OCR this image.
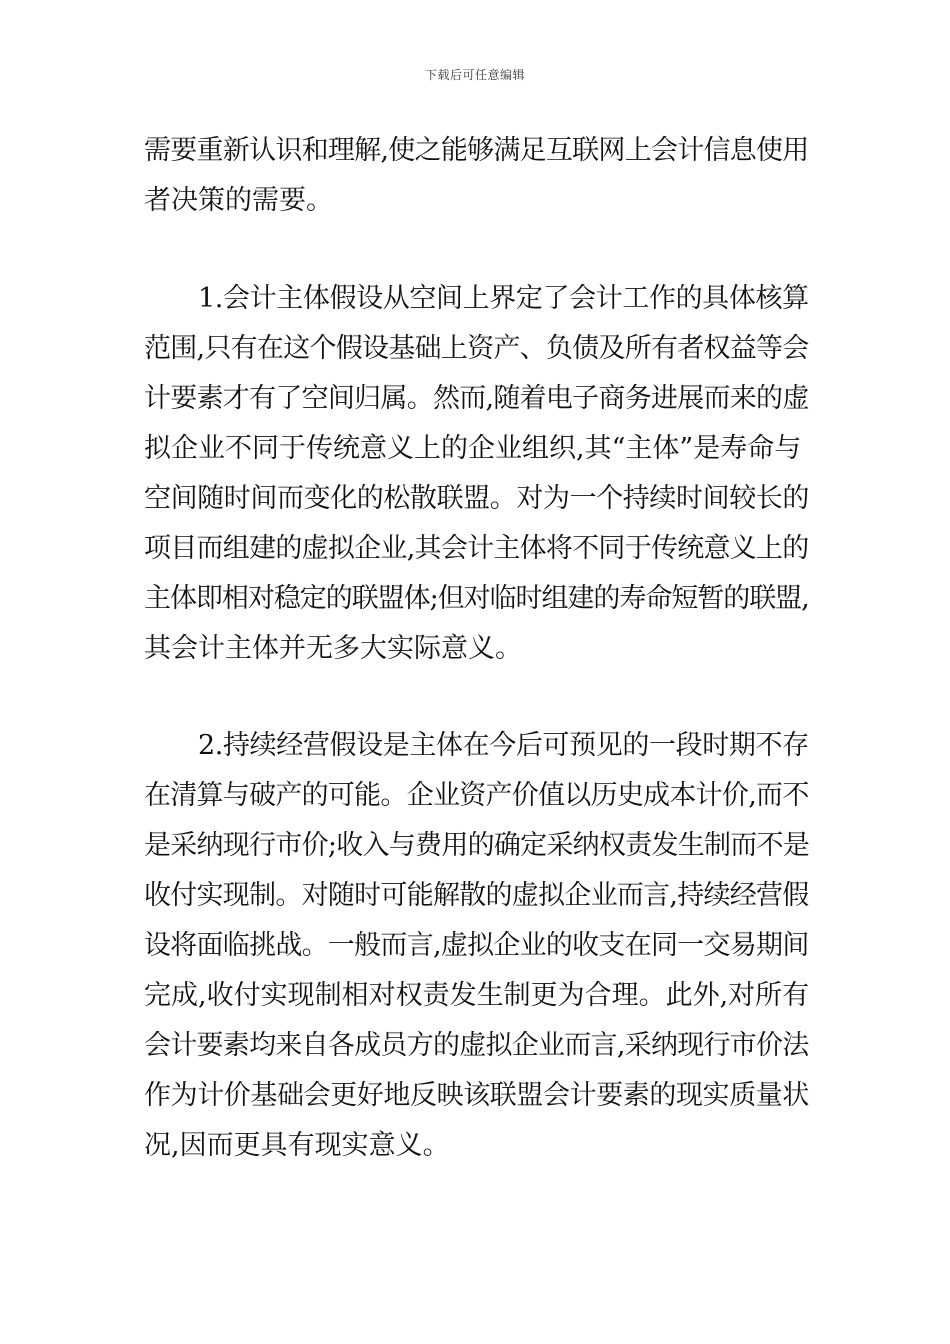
下载后可任意编辑
需要重新认识和理解,使之能够满足互联网上会计信息使用
者决策的需要。
1.会计主体假设从空间上界定了会计工作的具体核算
范围,只有在这个假设基础上资产、负债及所有者权益等会
计要素才有了空间归属。然而,随着电子商务进展而来的虚
拟企业不同于传统意义上的企业组织,其“主体”是寿命与
空间随时间而变化的松散联盟。对为一个持续时间较长的
项目而组建的虚拟企业,其会计主体将不同于传统意义上的
主体即相对稳定的联盟体;但对临时组建的寿命短暂的联盟,
其会计主体并无多大实际意义。
2.持续经营假设是主体在今后可预见的一段时期不存
在清算与破产的可能。企业资产价值以历史成本计价,而不
是采纳现行市价;收入与费用的确定采纳权责发生制而不是
收付实现制。对随时可能解散的虚拟企业而言,持续经营假
设将面临挑战。一般而言,虚拟企业的收支在同一交易期间
完成,收付实现制相对权责发生制更为合理。此外,对所有
会计要素均来自各成员方的虚拟企业而言,采纳现行市价法
作为计价基础会更好地反映该联盟会计要素的现实质量状
况,因而更具有现实意义。
